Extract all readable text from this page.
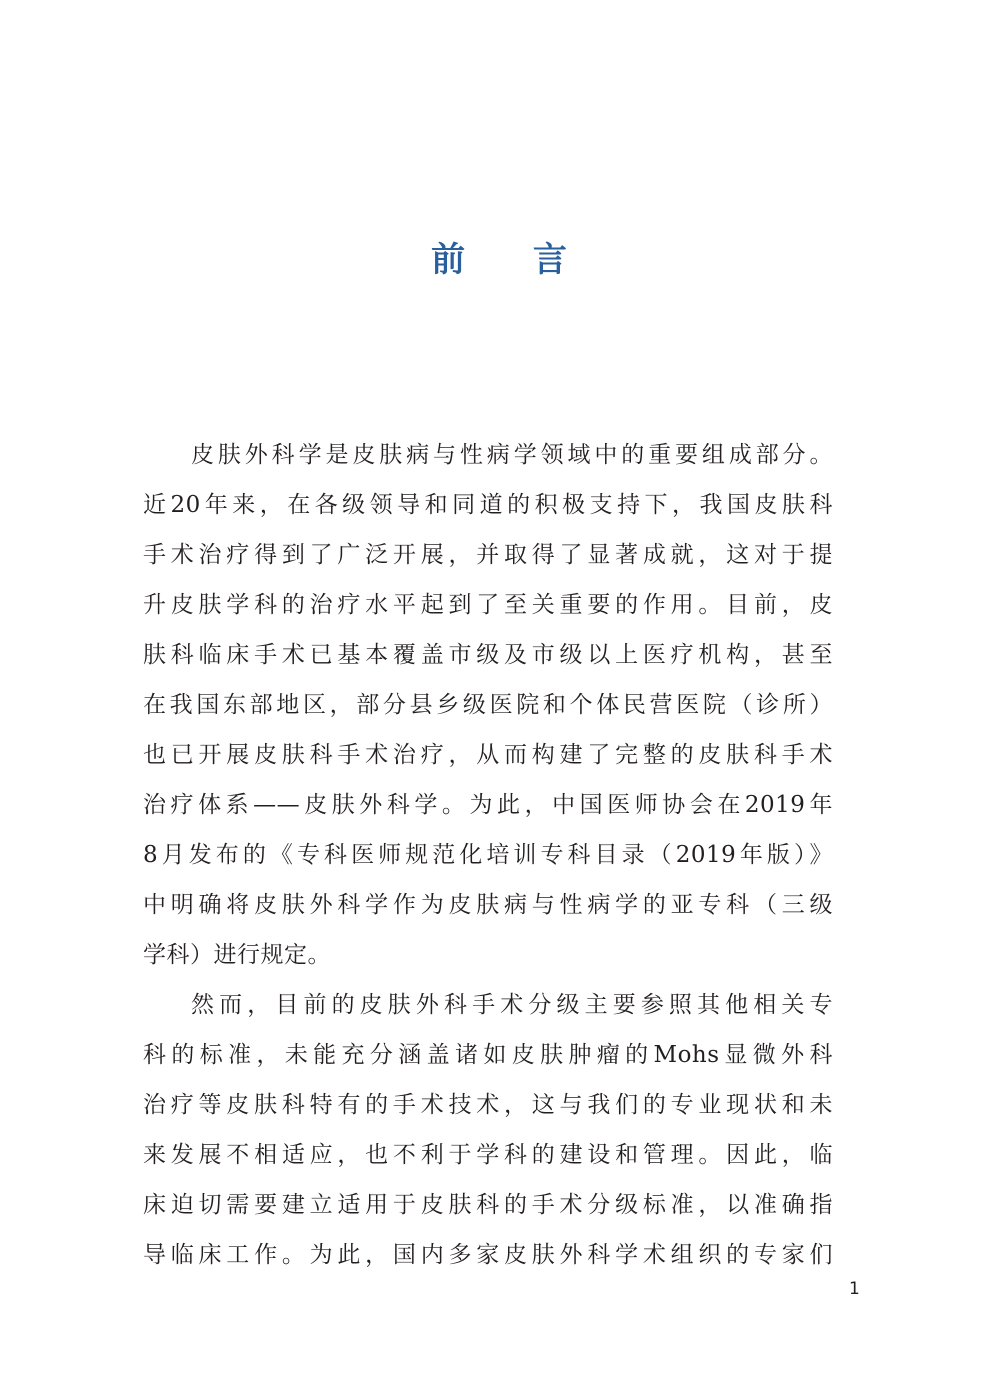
前 言
皮肤外科学是皮肤病与性病学领域中的重要组成部分。
近20年来，在各级领导和同道的积极支持下，我国皮肤科
手术治疗得到了广泛开展，并取得了显著成就，这对于提
升皮肤学科的治疗水平起到了至关重要的作用。目前，皮
肤科临床手术已基本覆盖市级及市级以上医疗机构，甚至
在我国东部地区，部分县乡级医院和个体民营医院（诊所）
也已开展皮肤科手术治疗，从而构建了完整的皮肤科手术
治疗体系——皮肤外科学。为此，中国医师协会在2019年
8月发布的《专科医师规范化培训专科目录（2019年版）》
中明确将皮肤外科学作为皮肤病与性病学的亚专科（三级
学科）进行规定。
然而，目前的皮肤外科手术分级主要参照其他相关专
科的标准，未能充分涵盖诸如皮肤肿瘤的Mohs显微外科
治疗等皮肤科特有的手术技术，这与我们的专业现状和未
来发展不相适应，也不利于学科的建设和管理。因此，临
床迫切需要建立适用于皮肤科的手术分级标准，以准确指
导临床工作。为此，国内多家皮肤外科学术组织的专家们
1
